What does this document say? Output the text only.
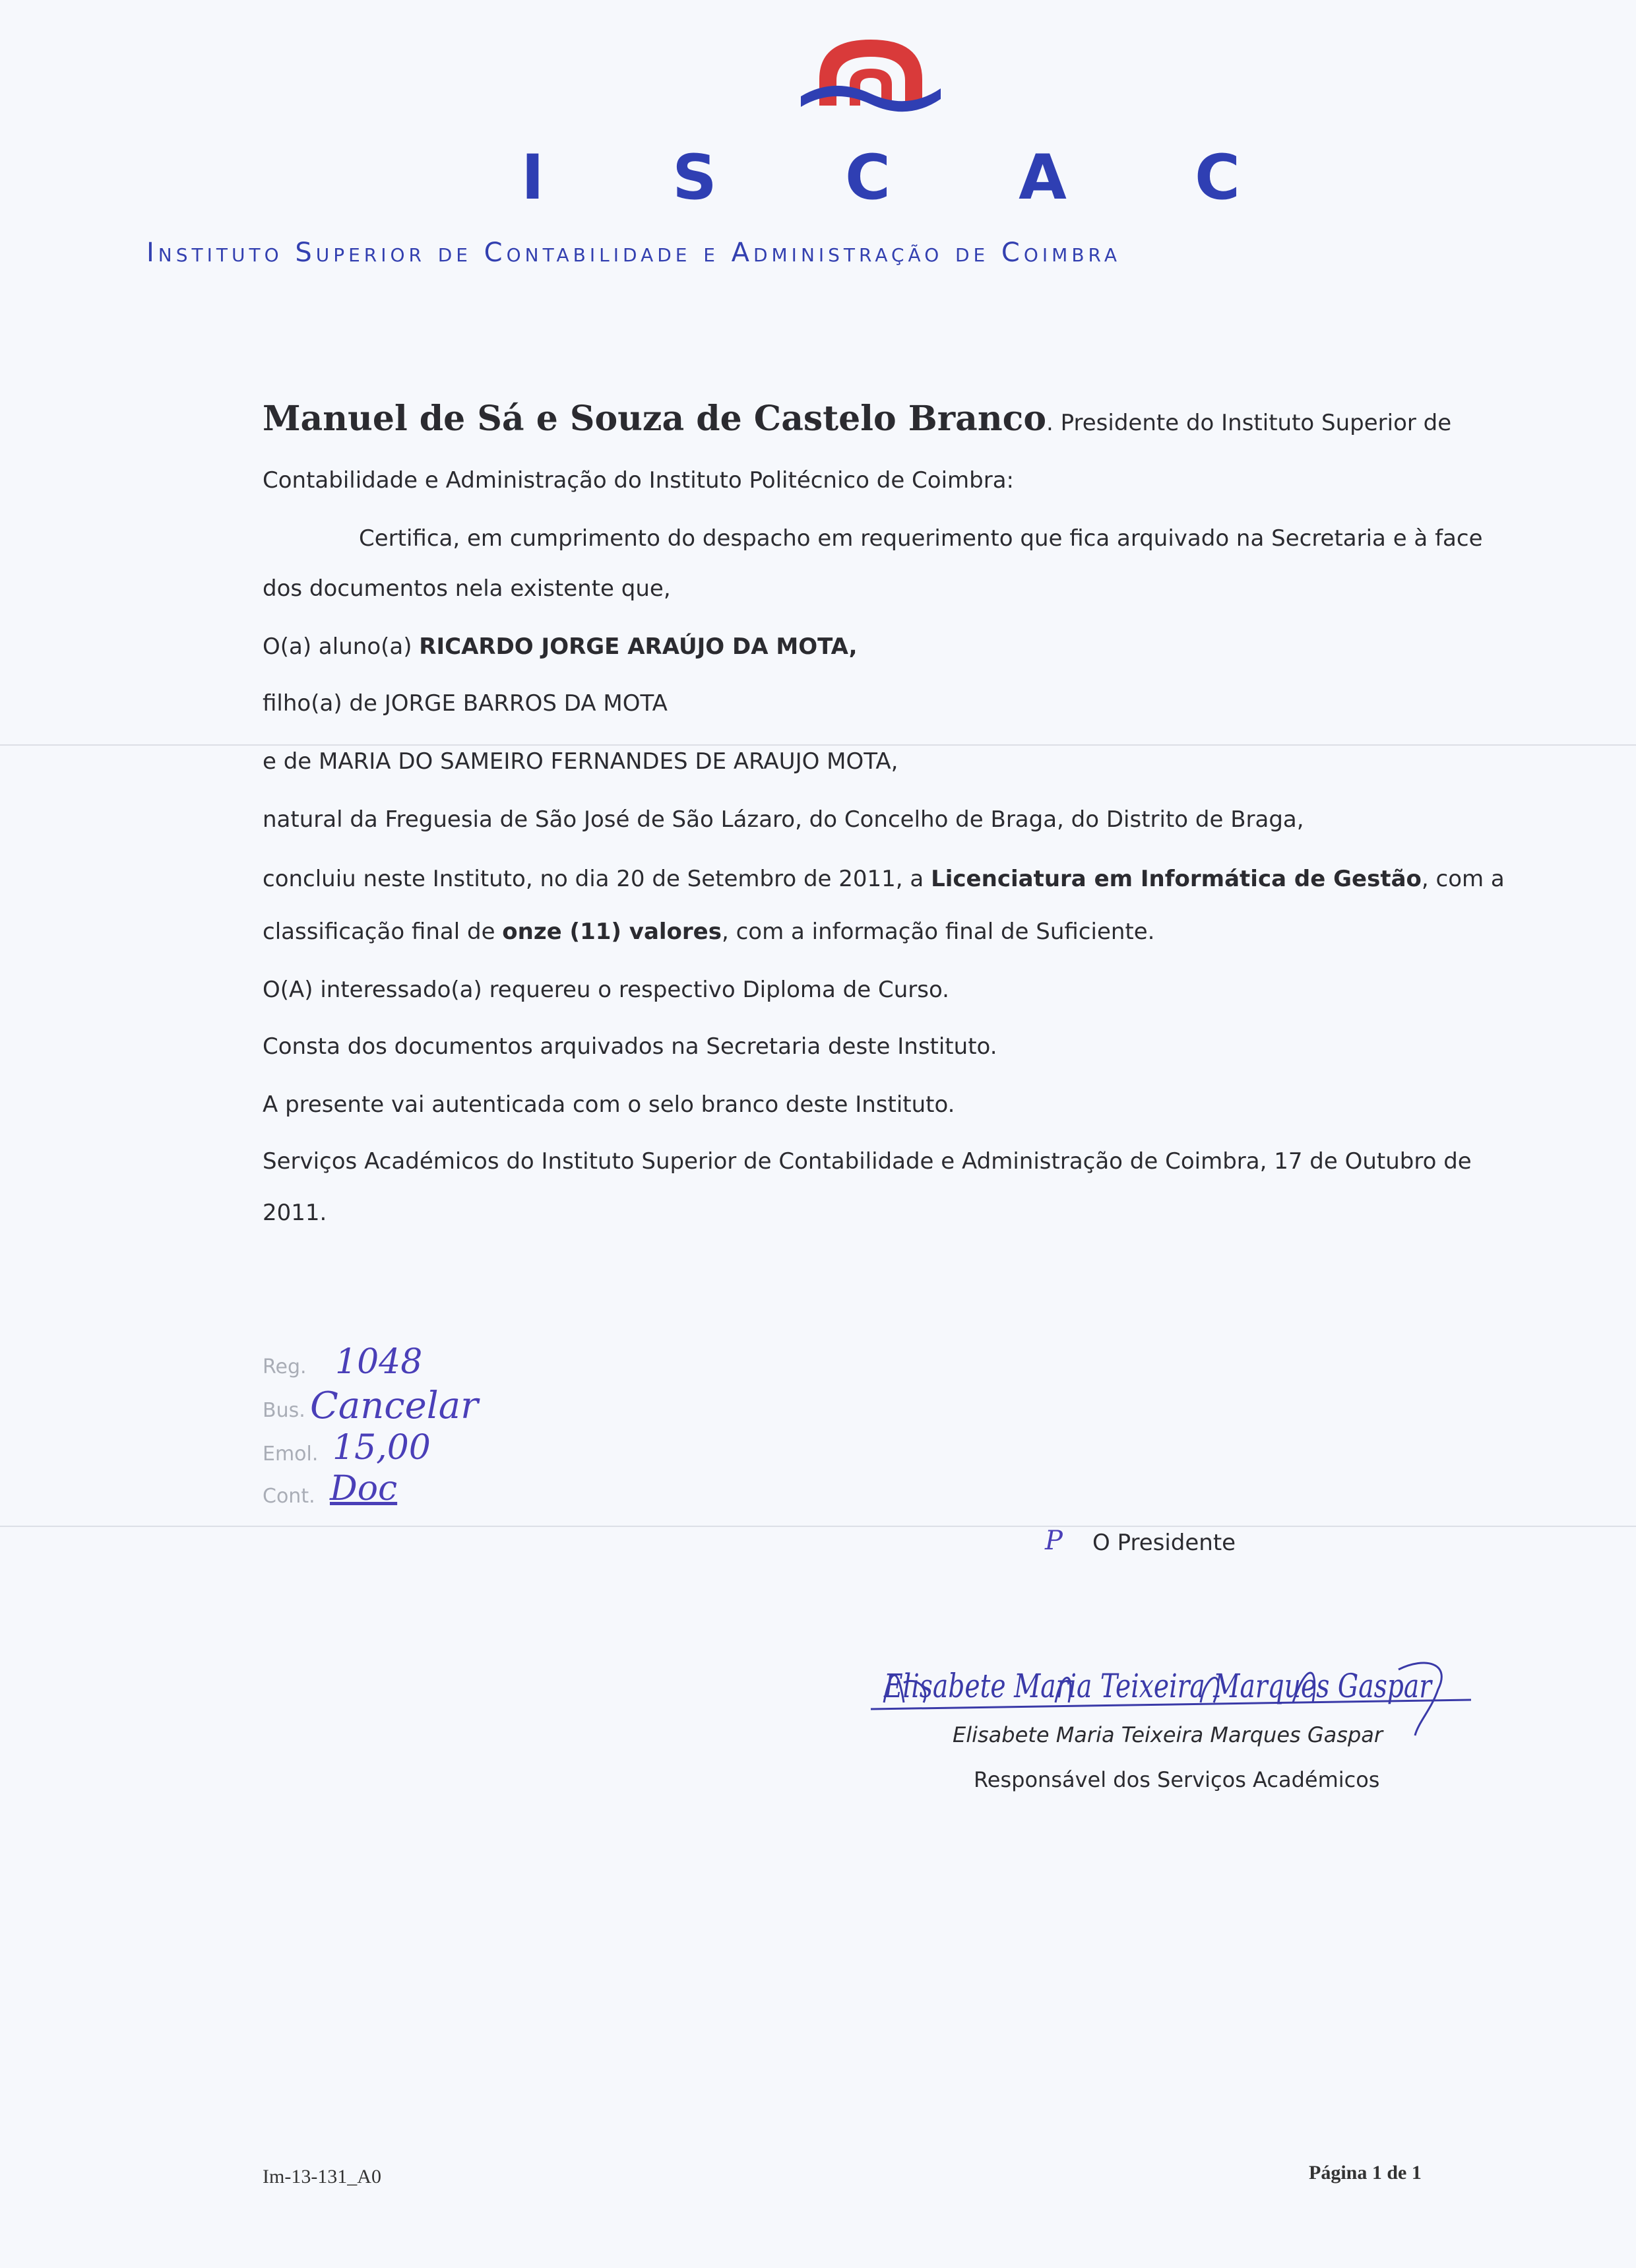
I S C A C
Instituto Superior de Contabilidade e Administração de Coimbra
Manuel de Sá e Souza de Castelo Branco. Presidente do Instituto Superior de
Contabilidade e Administração do Instituto Politécnico de Coimbra:
Certifica, em cumprimento do despacho em requerimento que fica arquivado na Secretaria e à face
dos documentos nela existente que,
O(a) aluno(a) RICARDO JORGE ARAÚJO DA MOTA,
filho(a) de JORGE BARROS DA MOTA
e de MARIA DO SAMEIRO FERNANDES DE ARAUJO MOTA,
natural da Freguesia de São José de São Lázaro, do Concelho de Braga, do Distrito de Braga,
concluiu neste Instituto, no dia 20 de Setembro de 2011, a Licenciatura em Informática de Gestão, com a
classificação final de onze (11) valores, com a informação final de Suficiente.
O(A) interessado(a) requereu o respectivo Diploma de Curso.
Consta dos documentos arquivados na Secretaria deste Instituto.
A presente vai autenticada com o selo branco deste Instituto.
Serviços Académicos do Instituto Superior de Contabilidade e Administração de Coimbra, 17 de Outubro de
2011.
Reg. 1048
Bus. Cancelar
Emol. 15,00
Cont. Doc
P O Presidente
Elisabete Maria Teixeira Marques Gaspar
Elisabete Maria Teixeira Marques Gaspar
Responsável dos Serviços Académicos
Im-13-131_A0	Página 1 de 1
